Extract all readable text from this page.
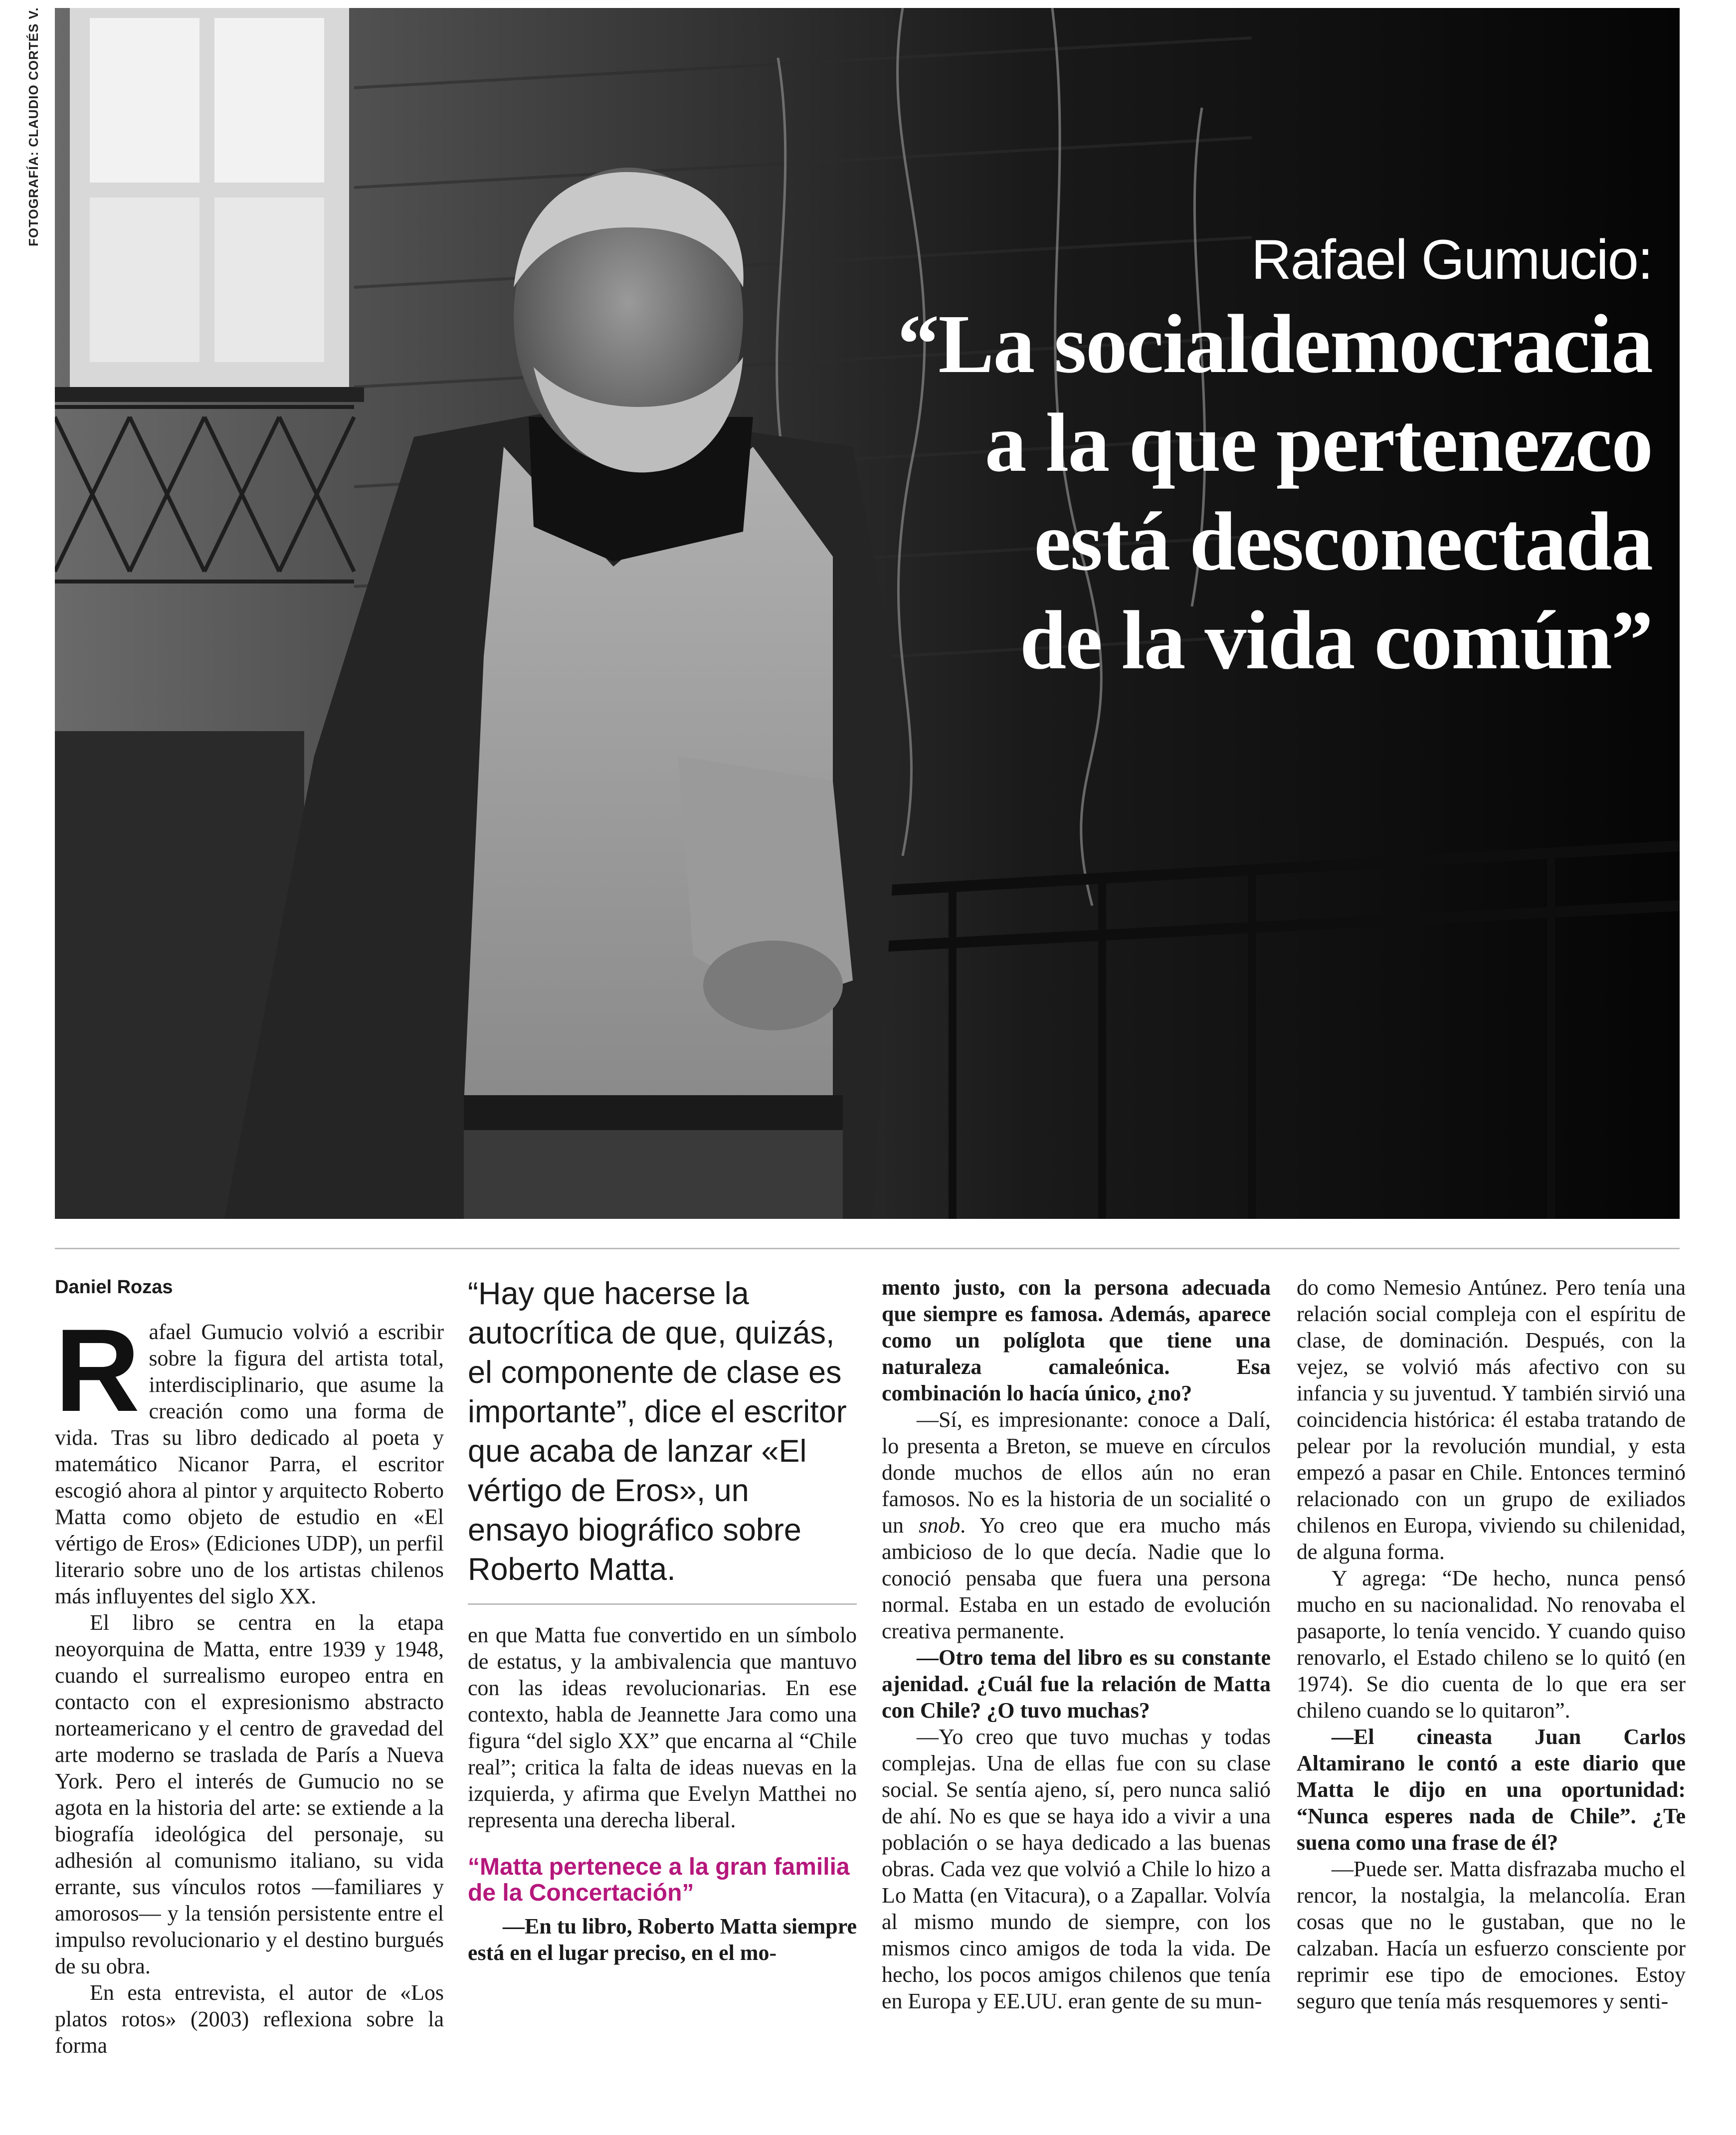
FOTOGRAFÍA: CLAUDIO CORTÉS V.
Rafael Gumucio:
“La socialdemocracia
a la que pertenezco
está desconectada
de la vida común”
Daniel Rozas

Rafael Gumucio volvió a escribir sobre la figura del artista total, interdisciplinario, que asume la creación como una forma de vida. Tras su libro dedicado al poeta y matemático Nicanor Parra, el escritor escogió ahora al pintor y arquitecto Roberto Matta como objeto de estudio en «El vértigo de Eros» (Ediciones UDP), un perfil literario sobre uno de los artistas chilenos más influyentes del siglo XX.

El libro se centra en la etapa neoyorquina de Matta, entre 1939 y 1948, cuando el surrealismo europeo entra en contacto con el expresionismo abstracto norteamericano y el centro de gravedad del arte moderno se traslada de París a Nueva York. Pero el interés de Gumucio no se agota en la historia del arte: se extiende a la biografía ideológica del personaje, su adhesión al comunismo italiano, su vida errante, sus vínculos rotos —familiares y amorosos— y la tensión persistente entre el impulso revolucionario y el destino burgués de su obra.

En esta entrevista, el autor de «Los platos rotos» (2003) reflexiona sobre la forma

“Hay que hacerse la autocrítica de que, quizás, el componente de clase es importante”, dice el escritor que acaba de lanzar «El vértigo de Eros», un ensayo biográfico sobre Roberto Matta.

en que Matta fue convertido en un símbolo de estatus, y la ambivalencia que mantuvo con las ideas revolucionarias. En ese contexto, habla de Jeannette Jara como una figura “del siglo XX” que encarna al “Chile real”; critica la falta de ideas nuevas en la izquierda, y afirma que Evelyn Matthei no representa una derecha liberal.

“Matta pertenece a la gran familia de la Concertación”

—En tu libro, Roberto Matta siempre está en el lugar preciso, en el mo-

mento justo, con la persona adecuada que siempre es famosa. Además, aparece como un políglota que tiene una naturaleza camaleónica. Esa combinación lo hacía único, ¿no?

—Sí, es impresionante: conoce a Dalí, lo presenta a Breton, se mueve en círculos donde muchos de ellos aún no eran famosos. No es la historia de un socialité o un snob. Yo creo que era mucho más ambicioso de lo que decía. Nadie que lo conoció pensaba que fuera una persona normal. Estaba en un estado de evolución creativa permanente.

—Otro tema del libro es su constante ajenidad. ¿Cuál fue la relación de Matta con Chile? ¿O tuvo muchas?

—Yo creo que tuvo muchas y todas complejas. Una de ellas fue con su clase social. Se sentía ajeno, sí, pero nunca salió de ahí. No es que se haya ido a vivir a una población o se haya dedicado a las buenas obras. Cada vez que volvió a Chile lo hizo a Lo Matta (en Vitacura), o a Zapallar. Volvía al mismo mundo de siempre, con los mismos cinco amigos de toda la vida. De hecho, los pocos amigos chilenos que tenía en Europa y EE.UU. eran gente de su mun-

do como Nemesio Antúnez. Pero tenía una relación social compleja con el espíritu de clase, de dominación. Después, con la vejez, se volvió más afectivo con su infancia y su juventud. Y también sirvió una coincidencia histórica: él estaba tratando de pelear por la revolución mundial, y esta empezó a pasar en Chile. Entonces terminó relacionado con un grupo de exiliados chilenos en Europa, viviendo su chilenidad, de alguna forma.

Y agrega: “De hecho, nunca pensó mucho en su nacionalidad. No renovaba el pasaporte, lo tenía vencido. Y cuando quiso renovarlo, el Estado chileno se lo quitó (en 1974). Se dio cuenta de lo que era ser chileno cuando se lo quitaron”.

—El cineasta Juan Carlos Altamirano le contó a este diario que Matta le dijo en una oportunidad: “Nunca esperes nada de Chile”. ¿Te suena como una frase de él?

—Puede ser. Matta disfrazaba mucho el rencor, la nostalgia, la melancolía. Eran cosas que no le gustaban, que no le calzaban. Hacía un esfuerzo consciente por reprimir ese tipo de emociones. Estoy seguro que tenía más resquemores y senti-
